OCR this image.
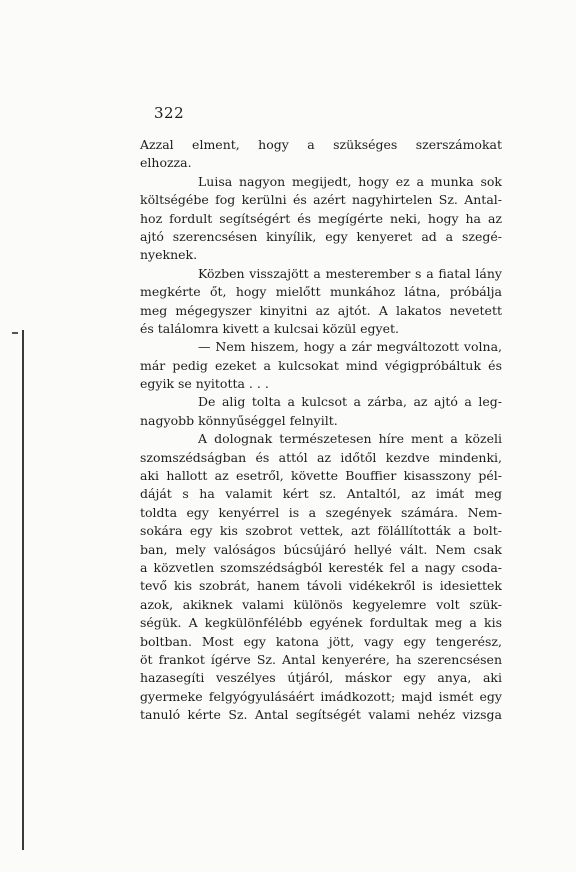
322
Azzal elment, hogy a szükséges szerszámokat
elhozza.
Luisa nagyon megijedt, hogy ez a munka sok
költségébe fog kerülni és azért nagyhirtelen Sz. Antal-
hoz fordult segítségért és megígérte neki, hogy ha az
ajtó szerencsésen kinyílik, egy kenyeret ad a szegé-
nyeknek.
Közben visszajött a mesterember s a fiatal lány
megkérte őt, hogy mielőtt munkához látna, próbálja
meg mégegyszer kinyitni az ajtót. A lakatos nevetett
és találomra kivett a kulcsai közül egyet.
— Nem hiszem, hogy a zár megváltozott volna,
már pedig ezeket a kulcsokat mind végigpróbáltuk és
egyik se nyitotta . . .
De alig tolta a kulcsot a zárba, az ajtó a leg-
nagyobb könnyűséggel felnyilt.
A dolognak természetesen híre ment a közeli
szomszédságban és attól az időtől kezdve mindenki,
aki hallott az esetről, követte Bouffier kisasszony pél-
dáját s ha valamit kért sz. Antaltól, az imát meg
toldta egy kenyérrel is a szegények számára. Nem-
sokára egy kis szobrot vettek, azt fölállították a bolt-
ban, mely valóságos búcsújáró hellyé vált. Nem csak
a közvetlen szomszédságból keresték fel a nagy csoda-
tevő kis szobrát, hanem távoli vidékekről is idesiettek
azok, akiknek valami különös kegyelemre volt szük-
ségük. A kegkülönfélébb egyének fordultak meg a kis
boltban. Most egy katona jött, vagy egy tengerész,
öt frankot ígérve Sz. Antal kenyerére, ha szerencsésen
hazasegíti veszélyes útjáról, máskor egy anya, aki
gyermeke felgyógyulásáért imádkozott; majd ismét egy
tanuló kérte Sz. Antal segítségét valami nehéz vizsga
